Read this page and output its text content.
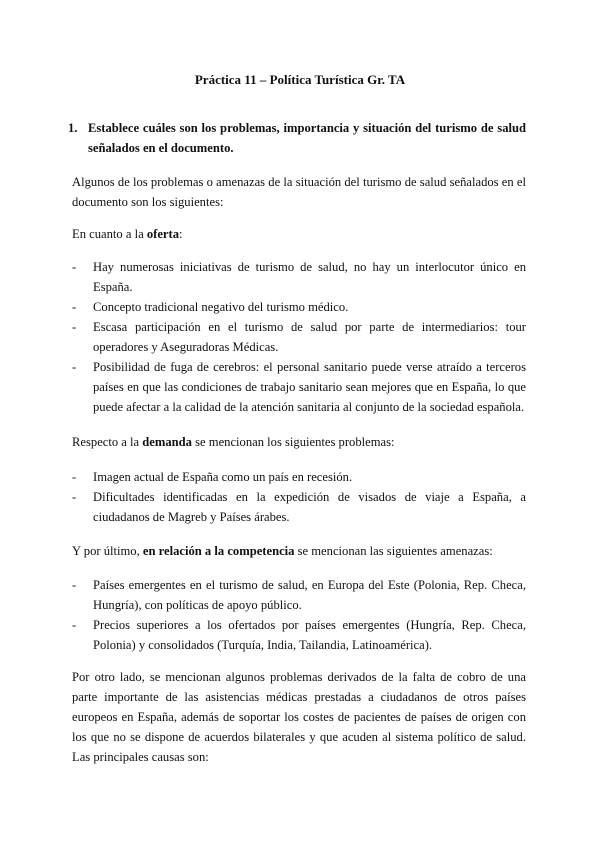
Práctica 11 – Política Turística Gr. TA
1. Establece cuáles son los problemas, importancia y situación del turismo de salud señalados en el documento.
Algunos de los problemas o amenazas de la situación del turismo de salud señalados en el documento son los siguientes:
En cuanto a la oferta:
- Hay numerosas iniciativas de turismo de salud, no hay un interlocutor único en España.
- Concepto tradicional negativo del turismo médico.
- Escasa participación en el turismo de salud por parte de intermediarios: tour operadores y Aseguradoras Médicas.
- Posibilidad de fuga de cerebros: el personal sanitario puede verse atraído a terceros países en que las condiciones de trabajo sanitario sean mejores que en España, lo que puede afectar a la calidad de la atención sanitaria al conjunto de la sociedad española.
Respecto a la demanda se mencionan los siguientes problemas:
- Imagen actual de España como un país en recesión.
- Dificultades identificadas en la expedición de visados de viaje a España, a ciudadanos de Magreb y Países árabes.
Y por último, en relación a la competencia se mencionan las siguientes amenazas:
- Países emergentes en el turismo de salud, en Europa del Este (Polonia, Rep. Checa, Hungría), con políticas de apoyo público.
- Precios superiores a los ofertados por países emergentes (Hungría, Rep. Checa, Polonia) y consolidados (Turquía, India, Tailandia, Latinoamérica).
Por otro lado, se mencionan algunos problemas derivados de la falta de cobro de una parte importante de las asistencias médicas prestadas a ciudadanos de otros países europeos en España, además de soportar los costes de pacientes de países de origen con los que no se dispone de acuerdos bilaterales y que acuden al sistema político de salud. Las principales causas son:
